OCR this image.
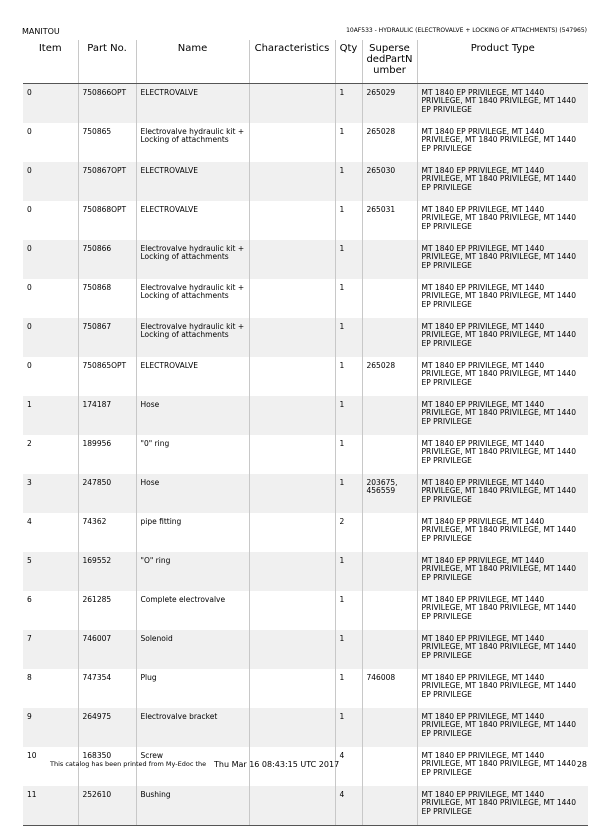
MANITOU	10AF533 - HYDRAULIC (ELECTROVALVE + LOCKING OF ATTACHMENTS) (547965)
Item	Part No.	Name	Characteristics	Qty	Superse dedPartN umber	Product Type
0	750866OPT	ELECTROVALVE		1	265029	MT 1840 EP PRIVILEGE, MT 1440 PRIVILEGE, MT 1840 PRIVILEGE, MT 1440 EP PRIVILEGE
0	750865	Electrovalve hydraulic kit + Locking of attachments		1	265028	MT 1840 EP PRIVILEGE, MT 1440 PRIVILEGE, MT 1840 PRIVILEGE, MT 1440 EP PRIVILEGE
0	750867OPT	ELECTROVALVE		1	265030	MT 1840 EP PRIVILEGE, MT 1440 PRIVILEGE, MT 1840 PRIVILEGE, MT 1440 EP PRIVILEGE
0	750868OPT	ELECTROVALVE		1	265031	MT 1840 EP PRIVILEGE, MT 1440 PRIVILEGE, MT 1840 PRIVILEGE, MT 1440 EP PRIVILEGE
0	750866	Electrovalve hydraulic kit + Locking of attachments		1		MT 1840 EP PRIVILEGE, MT 1440 PRIVILEGE, MT 1840 PRIVILEGE, MT 1440 EP PRIVILEGE
0	750868	Electrovalve hydraulic kit + Locking of attachments		1		MT 1840 EP PRIVILEGE, MT 1440 PRIVILEGE, MT 1840 PRIVILEGE, MT 1440 EP PRIVILEGE
0	750867	Electrovalve hydraulic kit + Locking of attachments		1		MT 1840 EP PRIVILEGE, MT 1440 PRIVILEGE, MT 1840 PRIVILEGE, MT 1440 EP PRIVILEGE
0	750865OPT	ELECTROVALVE		1	265028	MT 1840 EP PRIVILEGE, MT 1440 PRIVILEGE, MT 1840 PRIVILEGE, MT 1440 EP PRIVILEGE
1	174187	Hose		1		MT 1840 EP PRIVILEGE, MT 1440 PRIVILEGE, MT 1840 PRIVILEGE, MT 1440 EP PRIVILEGE
2	189956	"0" ring		1		MT 1840 EP PRIVILEGE, MT 1440 PRIVILEGE, MT 1840 PRIVILEGE, MT 1440 EP PRIVILEGE
3	247850	Hose		1	203675, 456559	MT 1840 EP PRIVILEGE, MT 1440 PRIVILEGE, MT 1840 PRIVILEGE, MT 1440 EP PRIVILEGE
4	74362	pipe fitting		2		MT 1840 EP PRIVILEGE, MT 1440 PRIVILEGE, MT 1840 PRIVILEGE, MT 1440 EP PRIVILEGE
5	169552	"O" ring		1		MT 1840 EP PRIVILEGE, MT 1440 PRIVILEGE, MT 1840 PRIVILEGE, MT 1440 EP PRIVILEGE
6	261285	Complete electrovalve		1		MT 1840 EP PRIVILEGE, MT 1440 PRIVILEGE, MT 1840 PRIVILEGE, MT 1440 EP PRIVILEGE
7	746007	Solenoid		1		MT 1840 EP PRIVILEGE, MT 1440 PRIVILEGE, MT 1840 PRIVILEGE, MT 1440 EP PRIVILEGE
8	747354	Plug		1	746008	MT 1840 EP PRIVILEGE, MT 1440 PRIVILEGE, MT 1840 PRIVILEGE, MT 1440 EP PRIVILEGE
9	264975	Electrovalve bracket		1		MT 1840 EP PRIVILEGE, MT 1440 PRIVILEGE, MT 1840 PRIVILEGE, MT 1440 EP PRIVILEGE
10	168350	Screw		4		MT 1840 EP PRIVILEGE, MT 1440 PRIVILEGE, MT 1840 PRIVILEGE, MT 1440 EP PRIVILEGE
11	252610	Bushing		4		MT 1840 EP PRIVILEGE, MT 1440 PRIVILEGE, MT 1840 PRIVILEGE, MT 1440 EP PRIVILEGE
This catalog has been printed from My-Edoc the Thu Mar 16 08:43:15 UTC 2017	28
